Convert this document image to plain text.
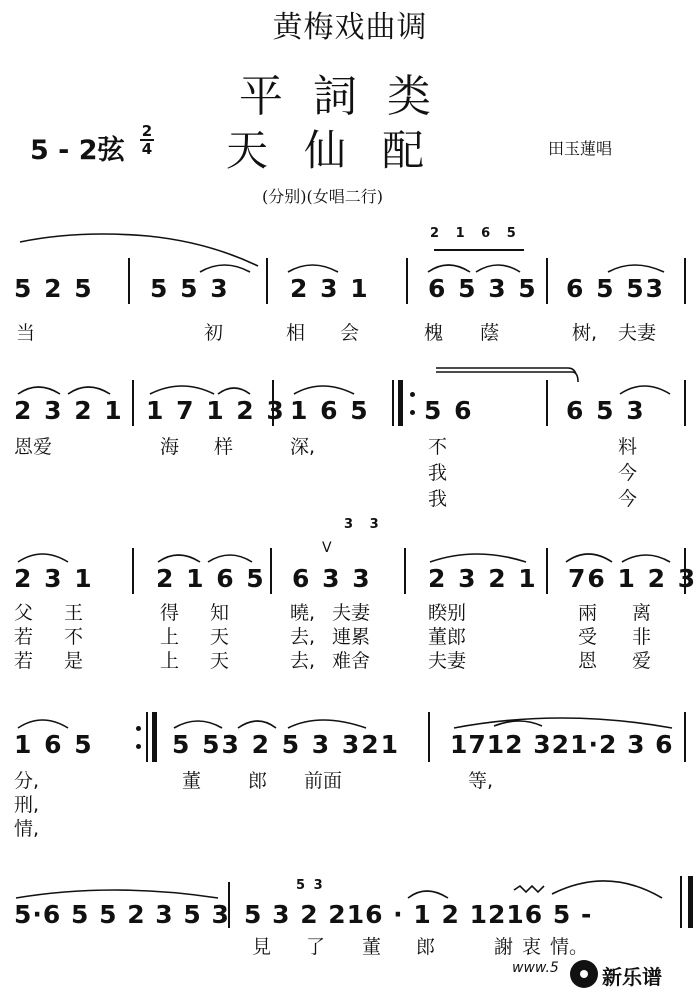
黄梅戏曲调
平詞类
天仙配
5 - 2弦
2
4	田玉蓮唱
(分别)(女唱二行)
2 1 6 5
5 2 5 5 5 3 2 3 1 6 5 3 5 6 5 53
当	初	相 会	槐 蔭	树, 夫妻
2 3 2 1 1 7 1 2 3 1 6 5 5 6	6 5 3
恩爱	海 样	深,	不	料
我	今
我	今
3 3
V
2 3 1 2 1 6 5 6 3 3 2 3 2 1 76 1 2 3
父 王	得 知	曉, 夫妻	睽别	兩 离
若 不	上 天	去, 連累	董郎	受 非
若 是	上 天	去, 难舍	夫妻	恩 爱
1 6 5	5 53 2 5 3 321 1712 321·2 3 6
分,	董 郎 前面	等,
刑,
情,
5 3
5·6 5 5 2 3 5 3 5 3 2 216 · 1 2 1216 5 -
見 了 董 郎	謝 衷 情。
www.5 新乐谱
